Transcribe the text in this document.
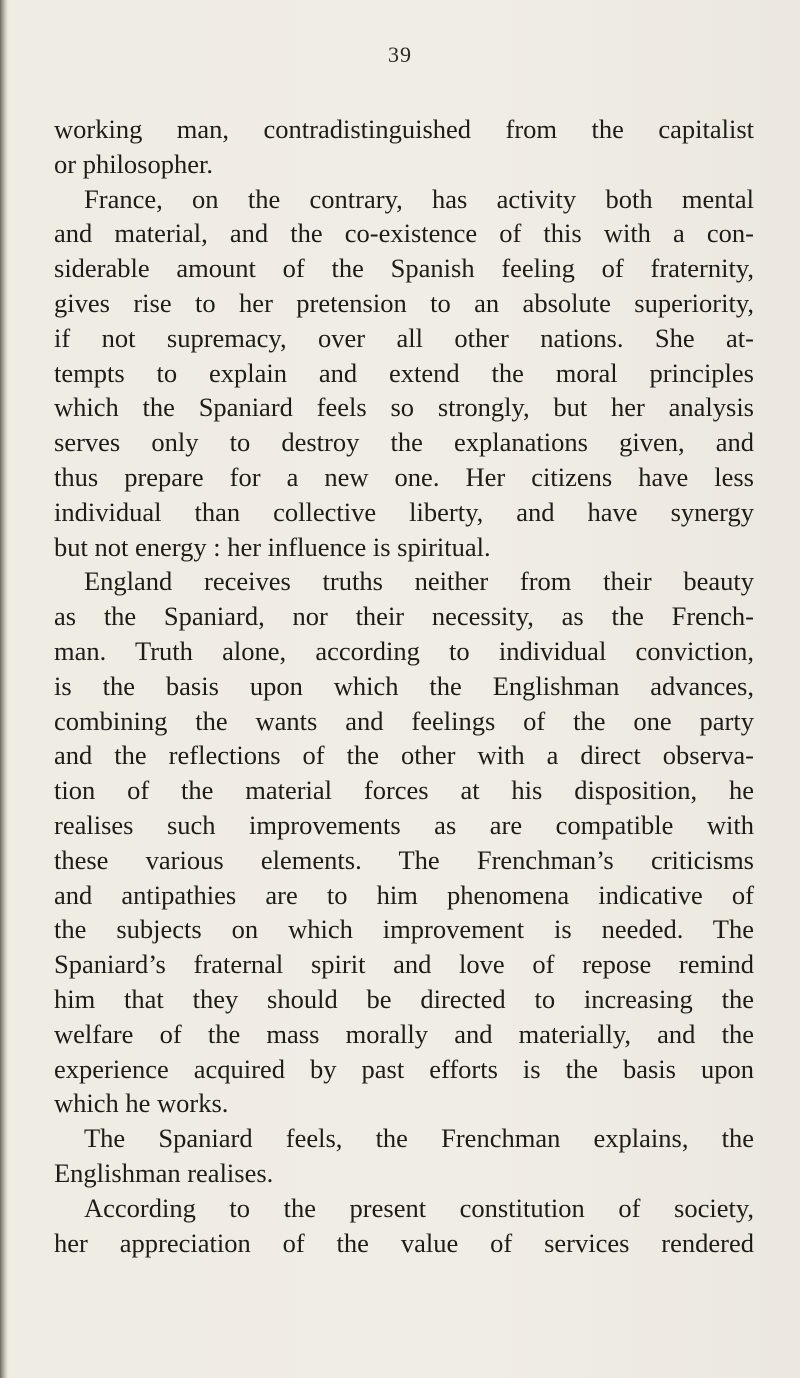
39
working man, contradistinguished from the capitalist
or philosopher.
France, on the contrary, has activity both mental
and material, and the co-existence of this with a con-
siderable amount of the Spanish feeling of fraternity,
gives rise to her pretension to an absolute superiority,
if not supremacy, over all other nations. She at-
tempts to explain and extend the moral principles
which the Spaniard feels so strongly, but her analysis
serves only to destroy the explanations given, and
thus prepare for a new one. Her citizens have less
individual than collective liberty, and have synergy
but not energy : her influence is spiritual.
England receives truths neither from their beauty
as the Spaniard, nor their necessity, as the French-
man. Truth alone, according to individual conviction,
is the basis upon which the Englishman advances,
combining the wants and feelings of the one party
and the reflections of the other with a direct observa-
tion of the material forces at his disposition, he
realises such improvements as are compatible with
these various elements. The Frenchman’s criticisms
and antipathies are to him phenomena indicative of
the subjects on which improvement is needed. The
Spaniard’s fraternal spirit and love of repose remind
him that they should be directed to increasing the
welfare of the mass morally and materially, and the
experience acquired by past efforts is the basis upon
which he works.
The Spaniard feels, the Frenchman explains, the
Englishman realises.
According to the present constitution of society,
her appreciation of the value of services rendered
